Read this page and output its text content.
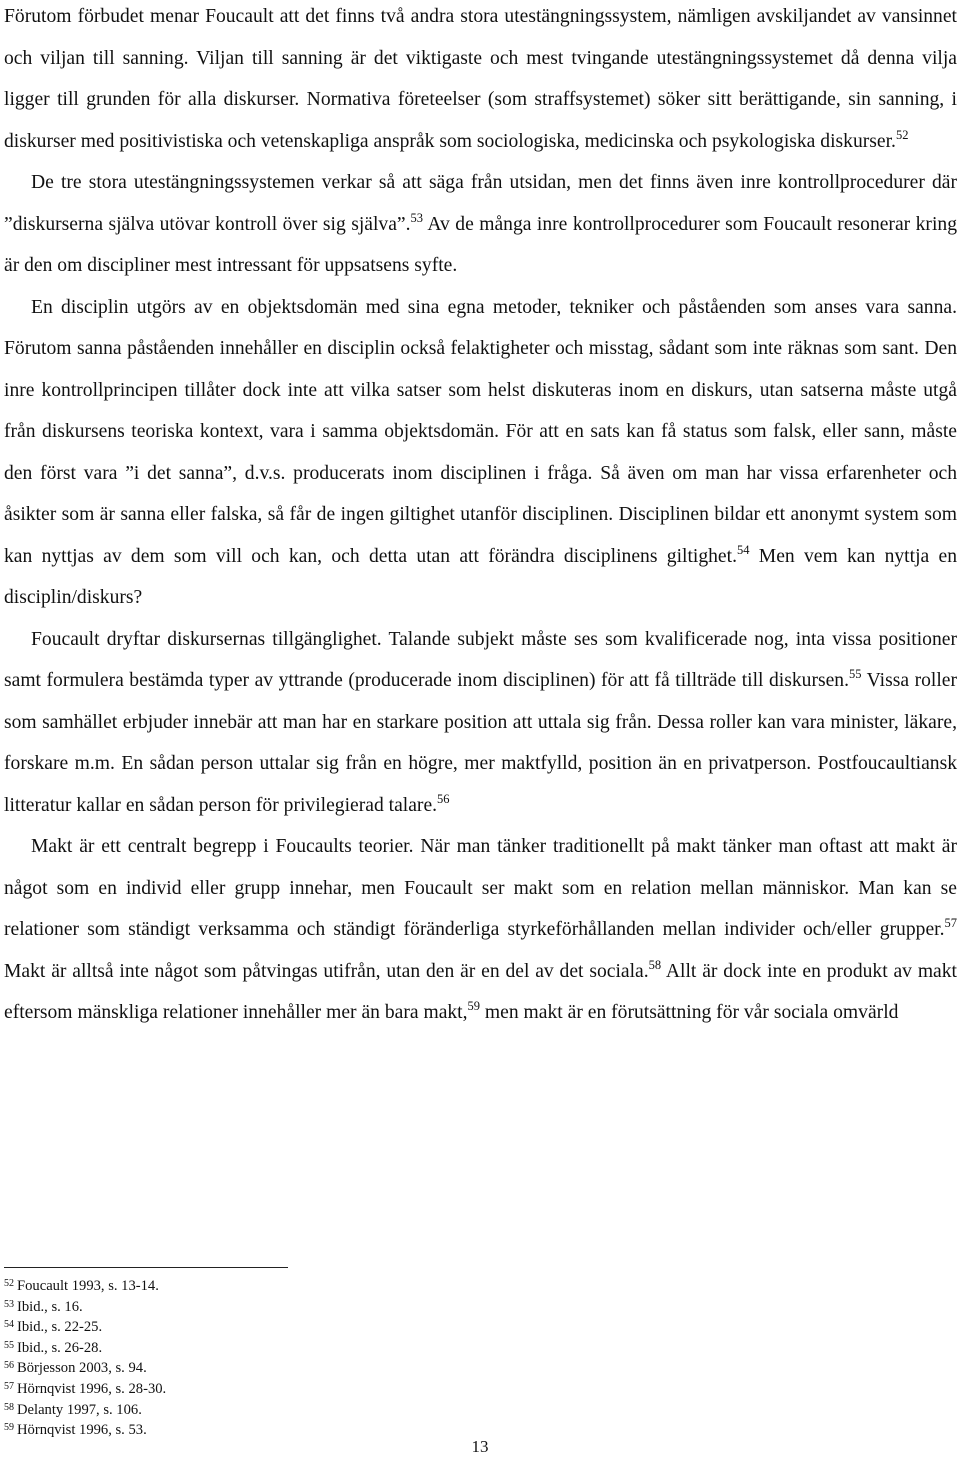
Förutom förbudet menar Foucault att det finns två andra stora utestängningssystem, nämligen avskiljandet av vansinnet och viljan till sanning. Viljan till sanning är det viktigaste och mest tvingande utestängningssystemet då denna vilja ligger till grunden för alla diskurser. Normativa företeelser (som straffsystemet) söker sitt berättigande, sin sanning, i diskurser med positivistiska och vetenskapliga anspråk som sociologiska, medicinska och psykologiska diskurser.$^{52}$

De tre stora utestängningssystemen verkar så att säga från utsidan, men det finns även inre kontrollprocedurer där ”diskurserna själva utövar kontroll över sig själva”.$^{53}$ Av de många inre kontrollprocedurer som Foucault resonerar kring är den om discipliner mest intressant för uppsatsens syfte.

En disciplin utgörs av en objektsdomän med sina egna metoder, tekniker och påståenden som anses vara sanna. Förutom sanna påståenden innehåller en disciplin också felaktigheter och misstag, sådant som inte räknas som sant. Den inre kontrollprincipen tillåter dock inte att vilka satser som helst diskuteras inom en diskurs, utan satserna måste utgå från diskursens teoriska kontext, vara i samma objektsdomän. För att en sats kan få status som falsk, eller sann, måste den först vara ”i det sanna”, d.v.s. producerats inom disciplinen i fråga. Så även om man har vissa erfarenheter och åsikter som är sanna eller falska, så får de ingen giltighet utanför disciplinen. Disciplinen bildar ett anonymt system som kan nyttjas av dem som vill och kan, och detta utan att förändra disciplinens giltighet.$^{54}$ Men vem kan nyttja en disciplin/diskurs?

Foucault dryftar diskursernas tillgänglighet. Talande subjekt måste ses som kvalificerade nog, inta vissa positioner samt formulera bestämda typer av yttrande (producerade inom disciplinen) för att få tillträde till diskursen.$^{55}$ Vissa roller som samhället erbjuder innebär att man har en starkare position att uttala sig från. Dessa roller kan vara minister, läkare, forskare m.m. En sådan person uttalar sig från en högre, mer maktfylld, position än en privatperson. Postfoucaultiansk litteratur kallar en sådan person för privilegierad talare.$^{56}$

Makt är ett centralt begrepp i Foucaults teorier. När man tänker traditionellt på makt tänker man oftast att makt är något som en individ eller grupp innehar, men Foucault ser makt som en relation mellan människor. Man kan se relationer som ständigt verksamma och ständigt föränderliga styrkeförhållanden mellan individer och/eller grupper.$^{57}$ Makt är alltså inte något som påtvingas utifrån, utan den är en del av det sociala.$^{58}$ Allt är dock inte en produkt av makt eftersom mänskliga relationer innehåller mer än bara makt,$^{59}$ men makt är en förutsättning för vår sociala omvärld

$^{52}$ Foucault 1993, s. 13-14.
$^{53}$ Ibid., s. 16.
$^{54}$ Ibid., s. 22-25.
$^{55}$ Ibid., s. 26-28.
$^{56}$ Börjesson 2003, s. 94.
$^{57}$ Hörnqvist 1996, s. 28-30.
$^{58}$ Delanty 1997, s. 106.
$^{59}$ Hörnqvist 1996, s. 53.
13
